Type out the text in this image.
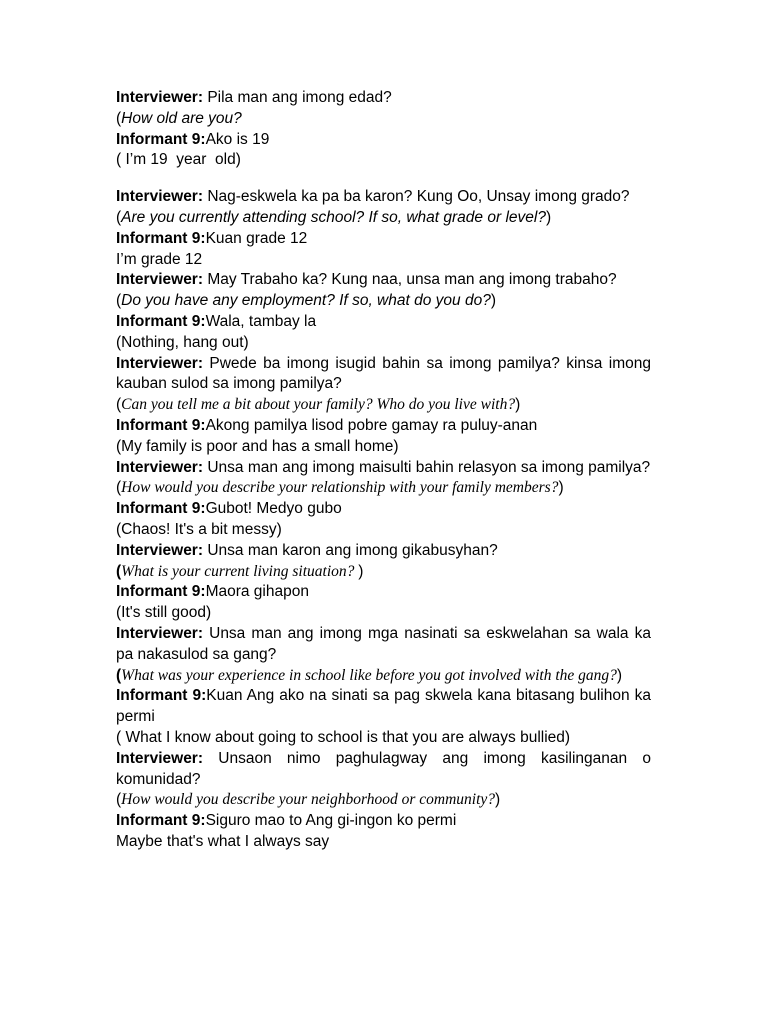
Interviewer: Pila man ang imong edad?
(How old are you?
Informant 9:Ako is 19
( I’m 19  year  old)
Interviewer: Nag-eskwela ka pa ba karon? Kung Oo, Unsay imong grado?
(Are you currently attending school? If so, what grade or level?)
Informant 9:Kuan grade 12
I’m grade 12
Interviewer: May Trabaho ka? Kung naa, unsa man ang imong trabaho?
(Do you have any employment? If so, what do you do?)
Informant 9:Wala, tambay la
(Nothing, hang out)
Interviewer: Pwede ba imong isugid bahin sa imong pamilya? kinsa imong kauban sulod sa imong pamilya?
(Can you tell me a bit about your family? Who do you live with?)
Informant 9:Akong pamilya lisod pobre gamay ra puluy-anan
(My family is poor and has a small home)
Interviewer: Unsa man ang imong maisulti bahin relasyon sa imong pamilya?
(How would you describe your relationship with your family members?)
Informant 9:Gubot! Medyo gubo
(Chaos! It's a bit messy)
Interviewer: Unsa man karon ang imong gikabusyhan?
(What is your current living situation? )
Informant 9:Maora gihapon
(It's still good)
Interviewer: Unsa man ang imong mga nasinati sa eskwelahan sa wala ka pa nakasulod sa gang?
(What was your experience in school like before you got involved with the gang?)
Informant 9:Kuan Ang ako na sinati sa pag skwela kana bitasang bulihon ka permi
( What I know about going to school is that you are always bullied)
Interviewer: Unsaon nimo paghulagway ang imong kasilinganan o komunidad?
(How would you describe your neighborhood or community?)
Informant 9:Siguro mao to Ang gi-ingon ko permi
Maybe that's what I always say
